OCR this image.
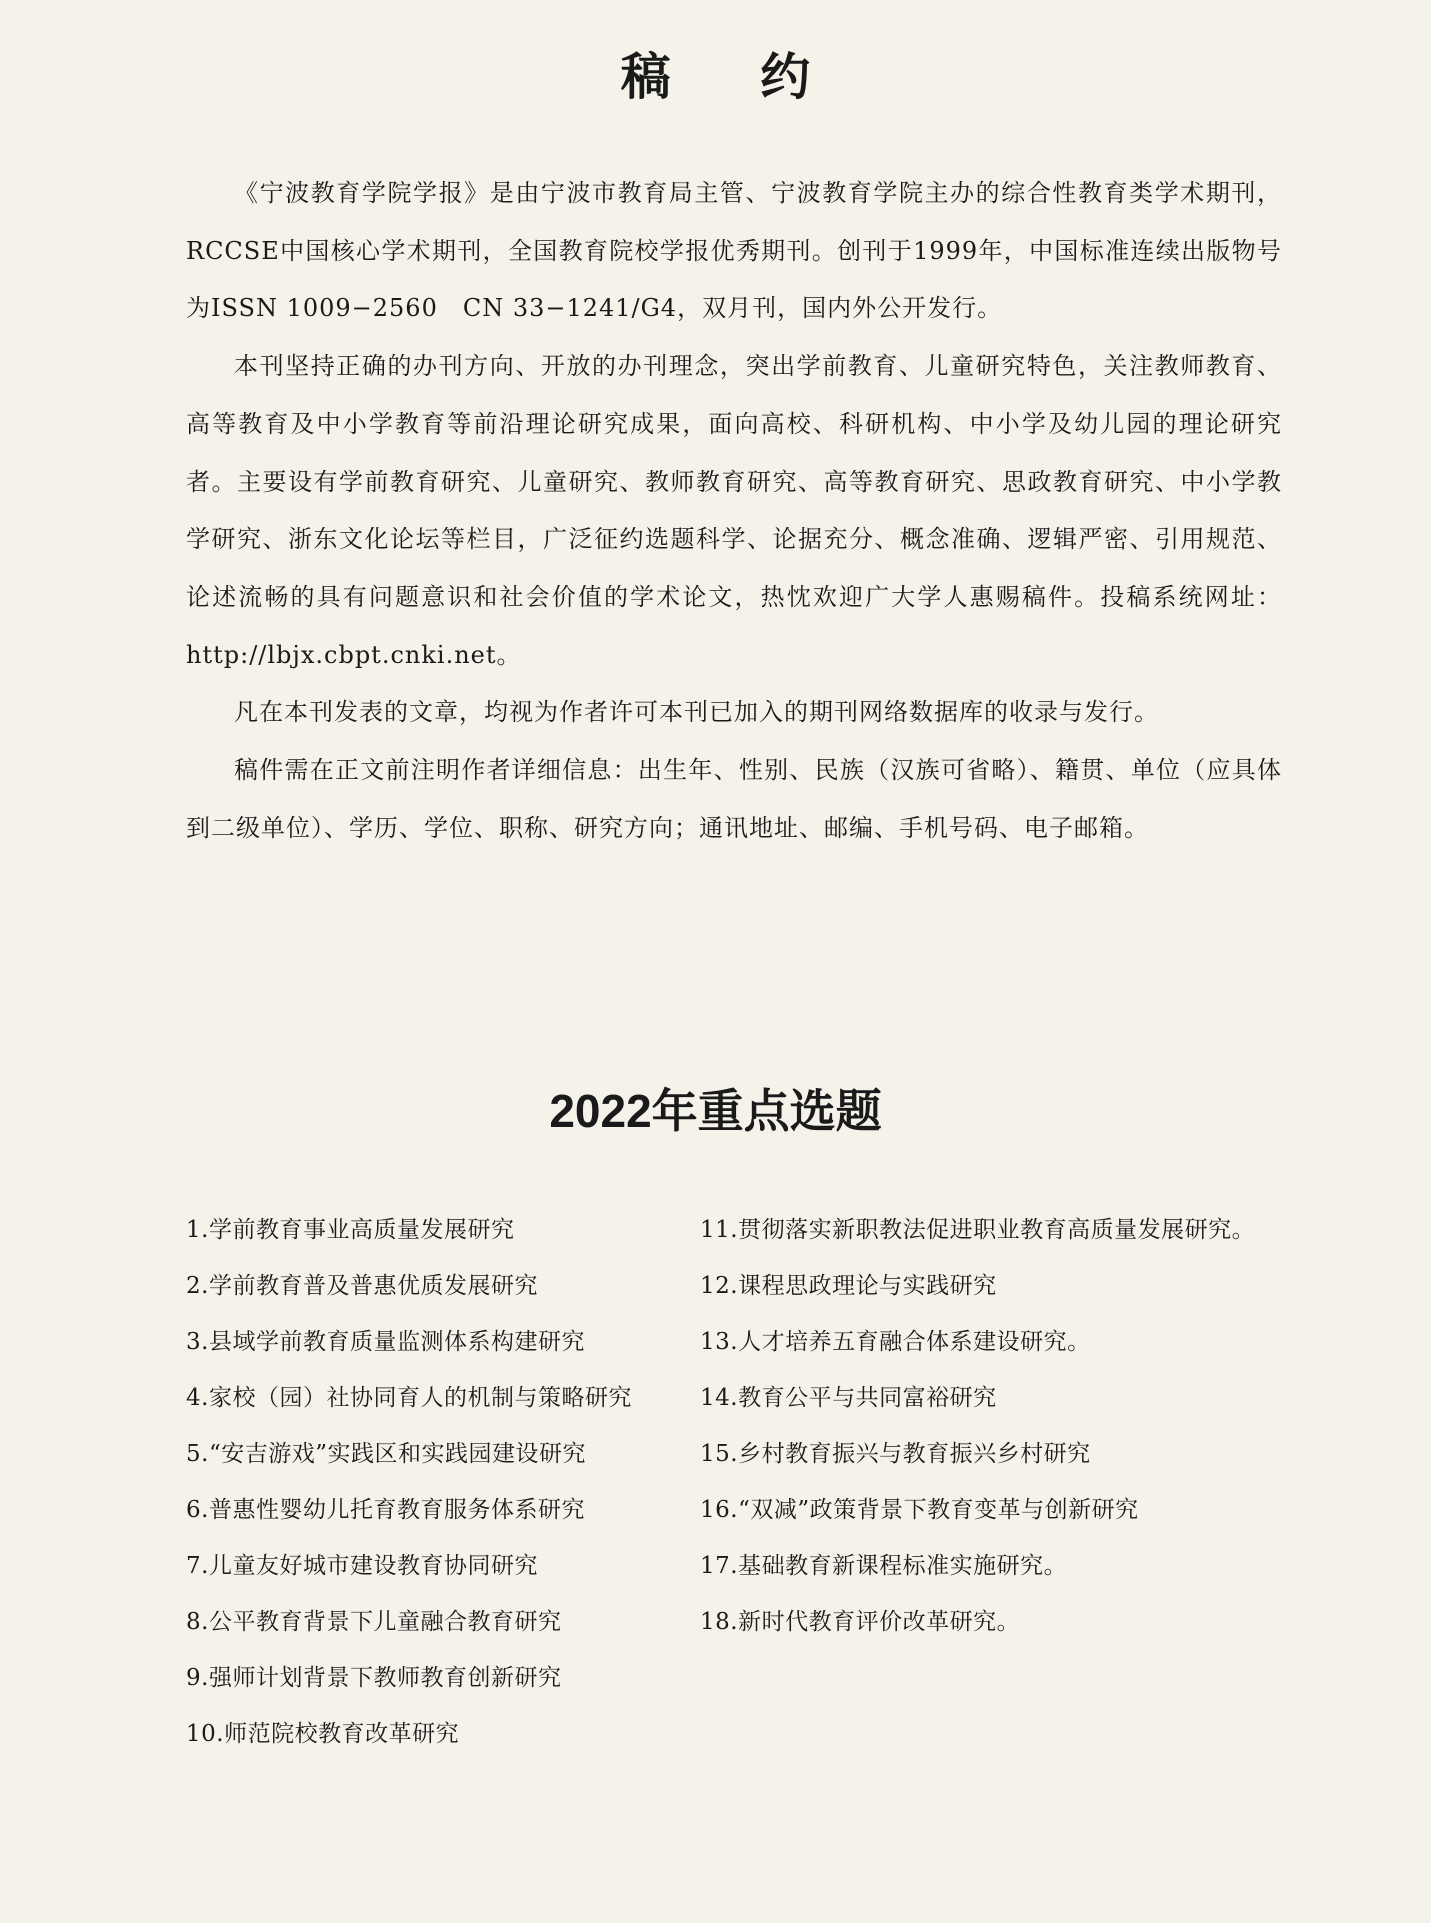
稿 约

《宁波教育学院学报》是由宁波市教育局主管、宁波教育学院主办的综合性教育类学术期刊，RCCSE中国核心学术期刊，全国教育院校学报优秀期刊。创刊于1999年，中国标准连续出版物号为ISSN 1009−2560　CN 33−1241/G4，双月刊，国内外公开发行。

本刊坚持正确的办刊方向、开放的办刊理念，突出学前教育、儿童研究特色，关注教师教育、高等教育及中小学教育等前沿理论研究成果，面向高校、科研机构、中小学及幼儿园的理论研究者。主要设有学前教育研究、儿童研究、教师教育研究、高等教育研究、思政教育研究、中小学教学研究、浙东文化论坛等栏目，广泛征约选题科学、论据充分、概念准确、逻辑严密、引用规范、论述流畅的具有问题意识和社会价值的学术论文，热忱欢迎广大学人惠赐稿件。投稿系统网址：http://lbjx.cbpt.cnki.net。

凡在本刊发表的文章，均视为作者许可本刊已加入的期刊网络数据库的收录与发行。

稿件需在正文前注明作者详细信息：出生年、性别、民族（汉族可省略）、籍贯、单位（应具体到二级单位）、学历、学位、职称、研究方向；通讯地址、邮编、手机号码、电子邮箱。

2022年重点选题
1.学前教育事业高质量发展研究
2.学前教育普及普惠优质发展研究
3.县域学前教育质量监测体系构建研究
4.家校（园）社协同育人的机制与策略研究
5.“安吉游戏”实践区和实践园建设研究
6.普惠性婴幼儿托育教育服务体系研究
7.儿童友好城市建设教育协同研究
8.公平教育背景下儿童融合教育研究
9.强师计划背景下教师教育创新研究
10.师范院校教育改革研究
11.贯彻落实新职教法促进职业教育高质量发展研究。
12.课程思政理论与实践研究
13.人才培养五育融合体系建设研究。
14.教育公平与共同富裕研究
15.乡村教育振兴与教育振兴乡村研究
16.“双减”政策背景下教育变革与创新研究
17.基础教育新课程标准实施研究。
18.新时代教育评价改革研究。
